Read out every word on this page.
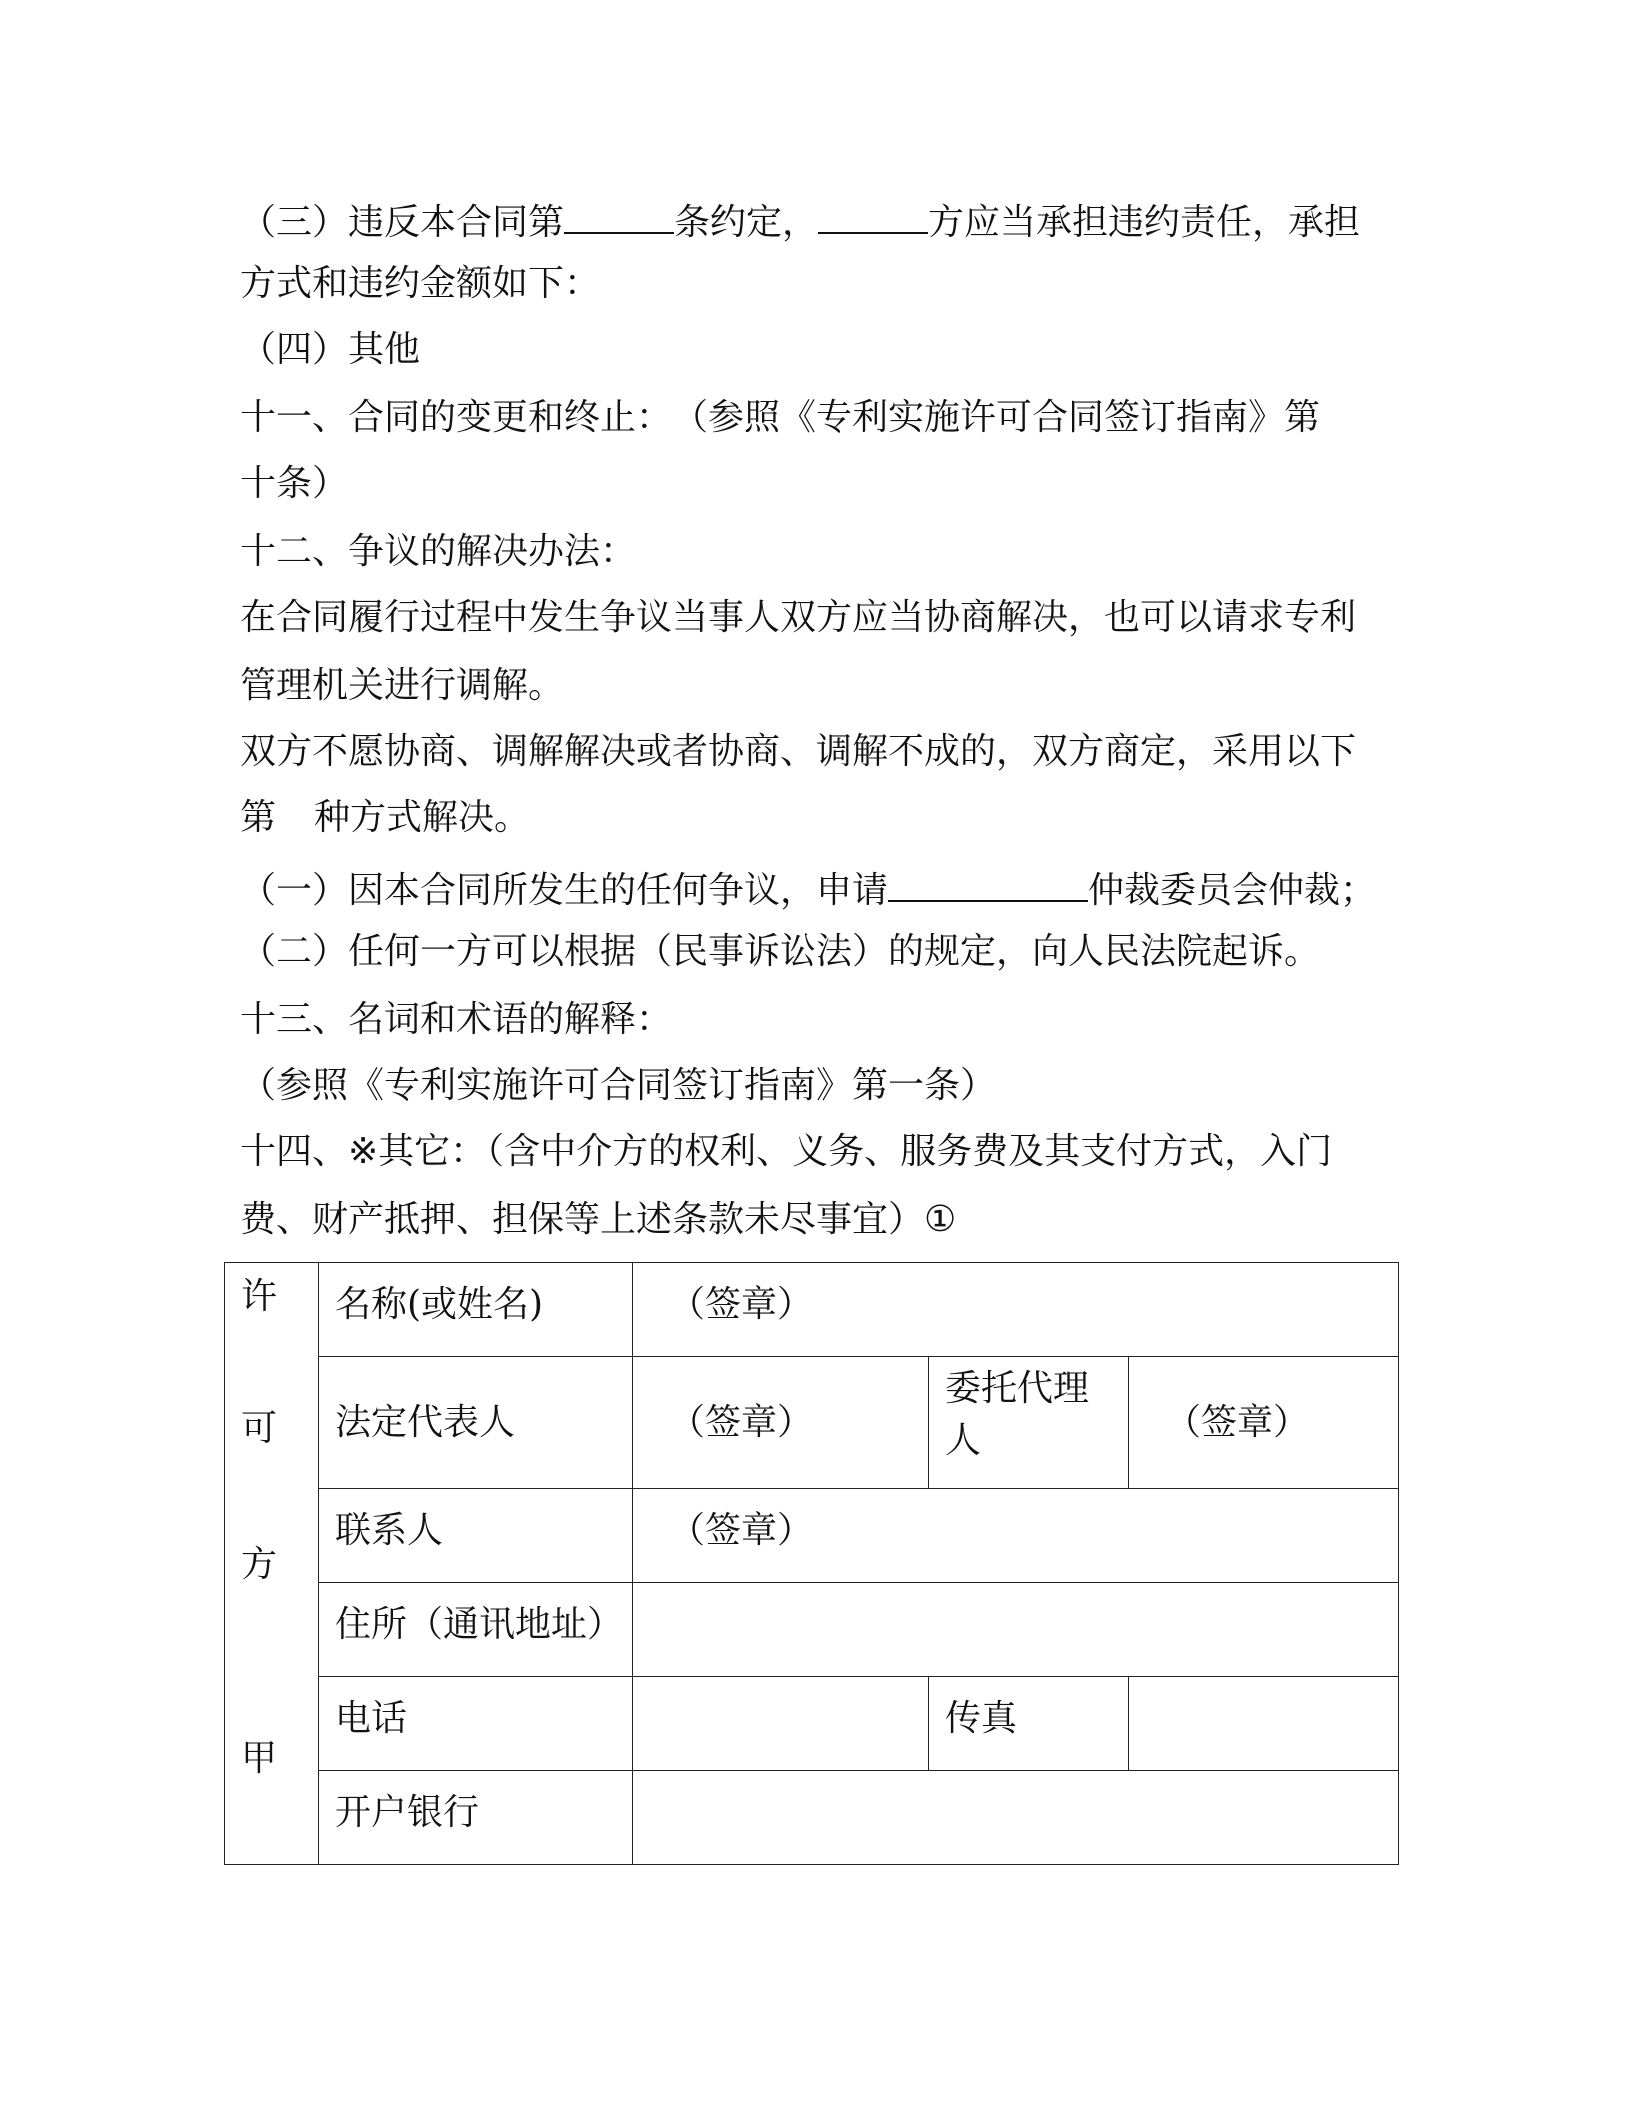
（三）违反本合同第	条约定，	方应当承担违约责任，承担
方式和违约金额如下：
（四）其他
十一、合同的变更和终止：　（参照《专利实施许可合同签订指南》第
十条）
十二、争议的解决办法：
在合同履行过程中发生争议当事人双方应当协商解决，也可以请求专利
管理机关进行调解。
双方不愿协商、调解解决或者协商、调解不成的，双方商定，采用以下
第 种方式解决。
（一）因本合同所发生的任何争议，申请	仲裁委员会仲裁；
（二）任何一方可以根据（民事诉讼法）的规定，向人民法院起诉。
十三、名词和术语的解释：
（参照《专利实施许可合同签订指南》第一条）
十四、※其它：（含中介方的权利、义务、服务费及其支付方式，入门
费、财产抵押、担保等上述条款未尽事宜）①
许
可
方
甲	名称(或姓名)	（签章）		
	法定代表人	（签章）	委托代理人	（签章）
	联系人	（签章）		
	住所（通讯地址）			
	电话		传真	
	开户银行			
